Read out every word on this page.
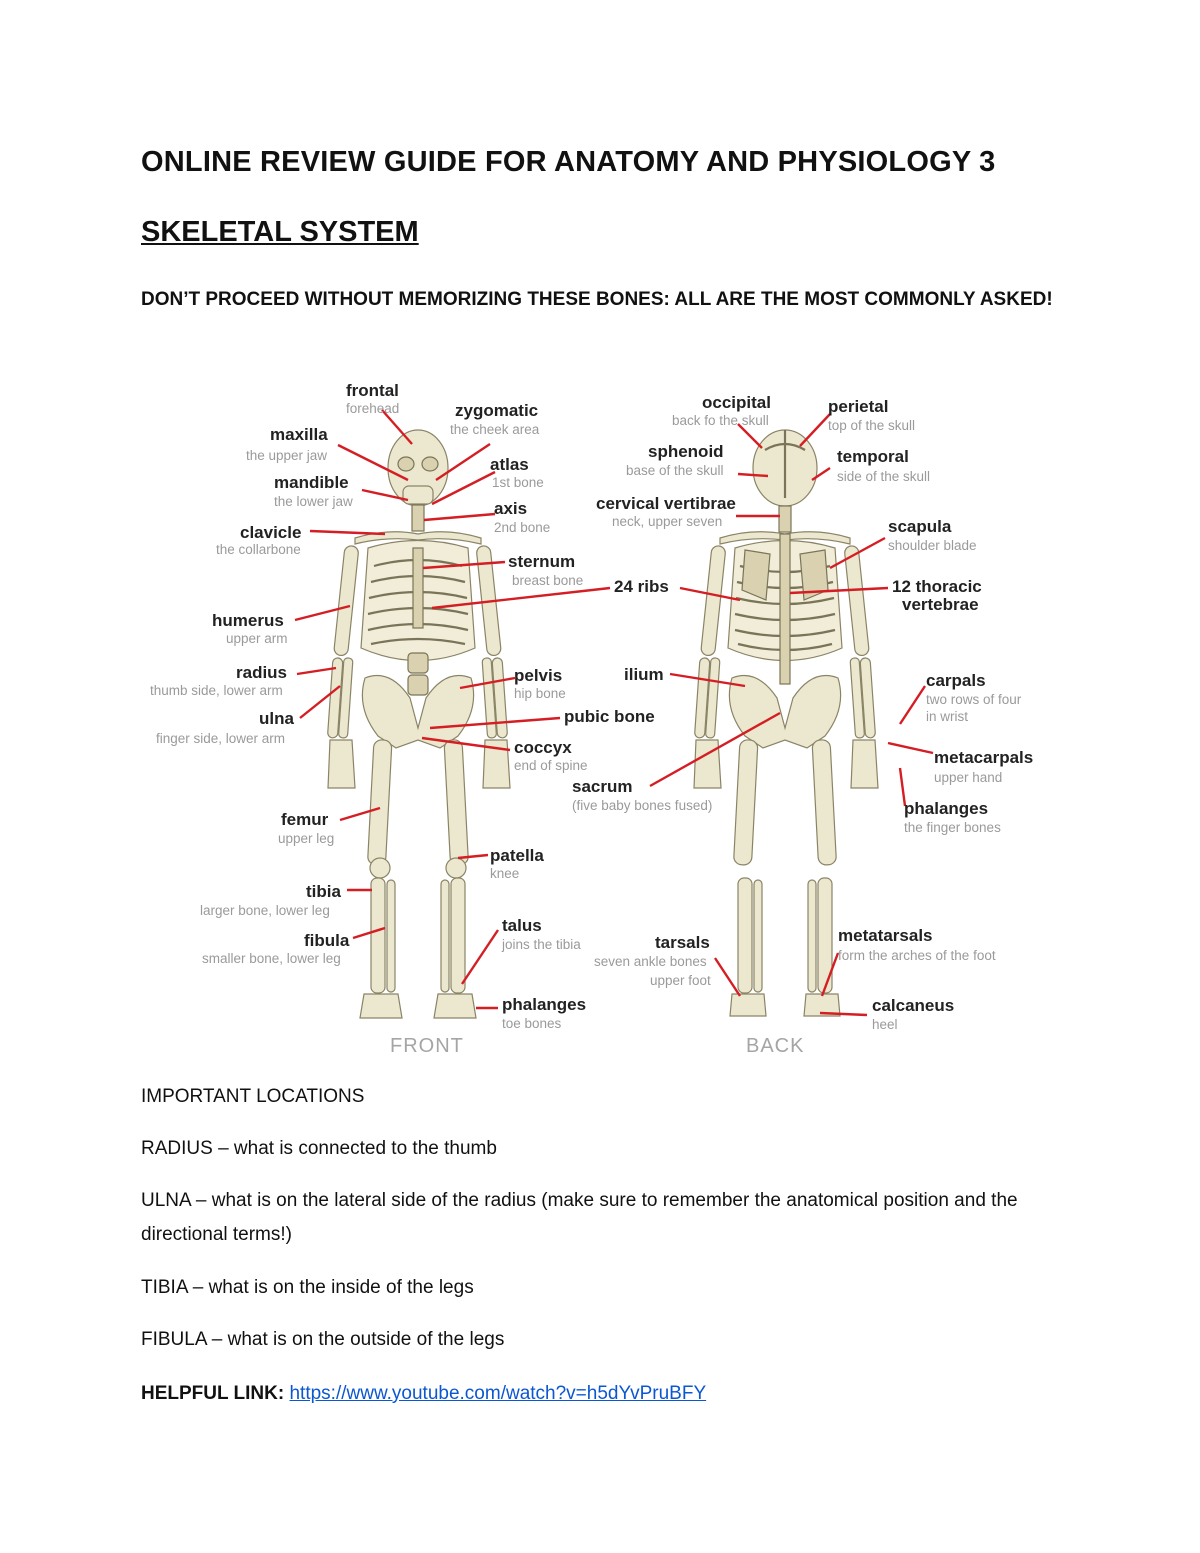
ONLINE REVIEW GUIDE FOR ANATOMY AND PHYSIOLOGY 3
SKELETAL SYSTEM

DON’T PROCEED WITHOUT MEMORIZING THESE BONES: ALL ARE THE MOST COMMONLY ASKED!

frontal
forehead	zygomatic
the cheek area
maxilla
the upper jaw	atlas
1st bone
mandible
the lower jaw	axis
2nd bone
clavicle
the collarbone
sternum
breast bone
humerus
upper arm
radius
thumb side, lower arm
pelvis
hip bone
ulna
finger side, lower arm
pubic bone
coccyx
end of spine
femur
upper leg
patella
knee
tibia
larger bone, lower leg
fibula
smaller bone, lower leg
talus
joins the tibia
phalanges
toe bones
FRONT
occipital
back fo the skull
perietal
top of the skull
sphenoid
base of the skull
temporal
side of the skull
cervical vertibrae
neck, upper seven	scapula
shoulder blade
24 ribs	12 thoracic
vertebrae
ilium	carpals
two rows of four
in wrist
sacrum
(five baby bones fused)
metacarpals
upper hand
phalanges
the finger bones
tarsals
seven ankle bones
upper foot
metatarsals
form the arches of the foot
calcaneus
heel
BACK

IMPORTANT LOCATIONS

RADIUS – what is connected to the thumb

ULNA – what is on the lateral side of the radius (make sure to remember the anatomical position and the directional terms!)

TIBIA – what is on the inside of the legs

FIBULA – what is on the outside of the legs

HELPFUL LINK: https://www.youtube.com/watch?v=h5dYvPruBFY
